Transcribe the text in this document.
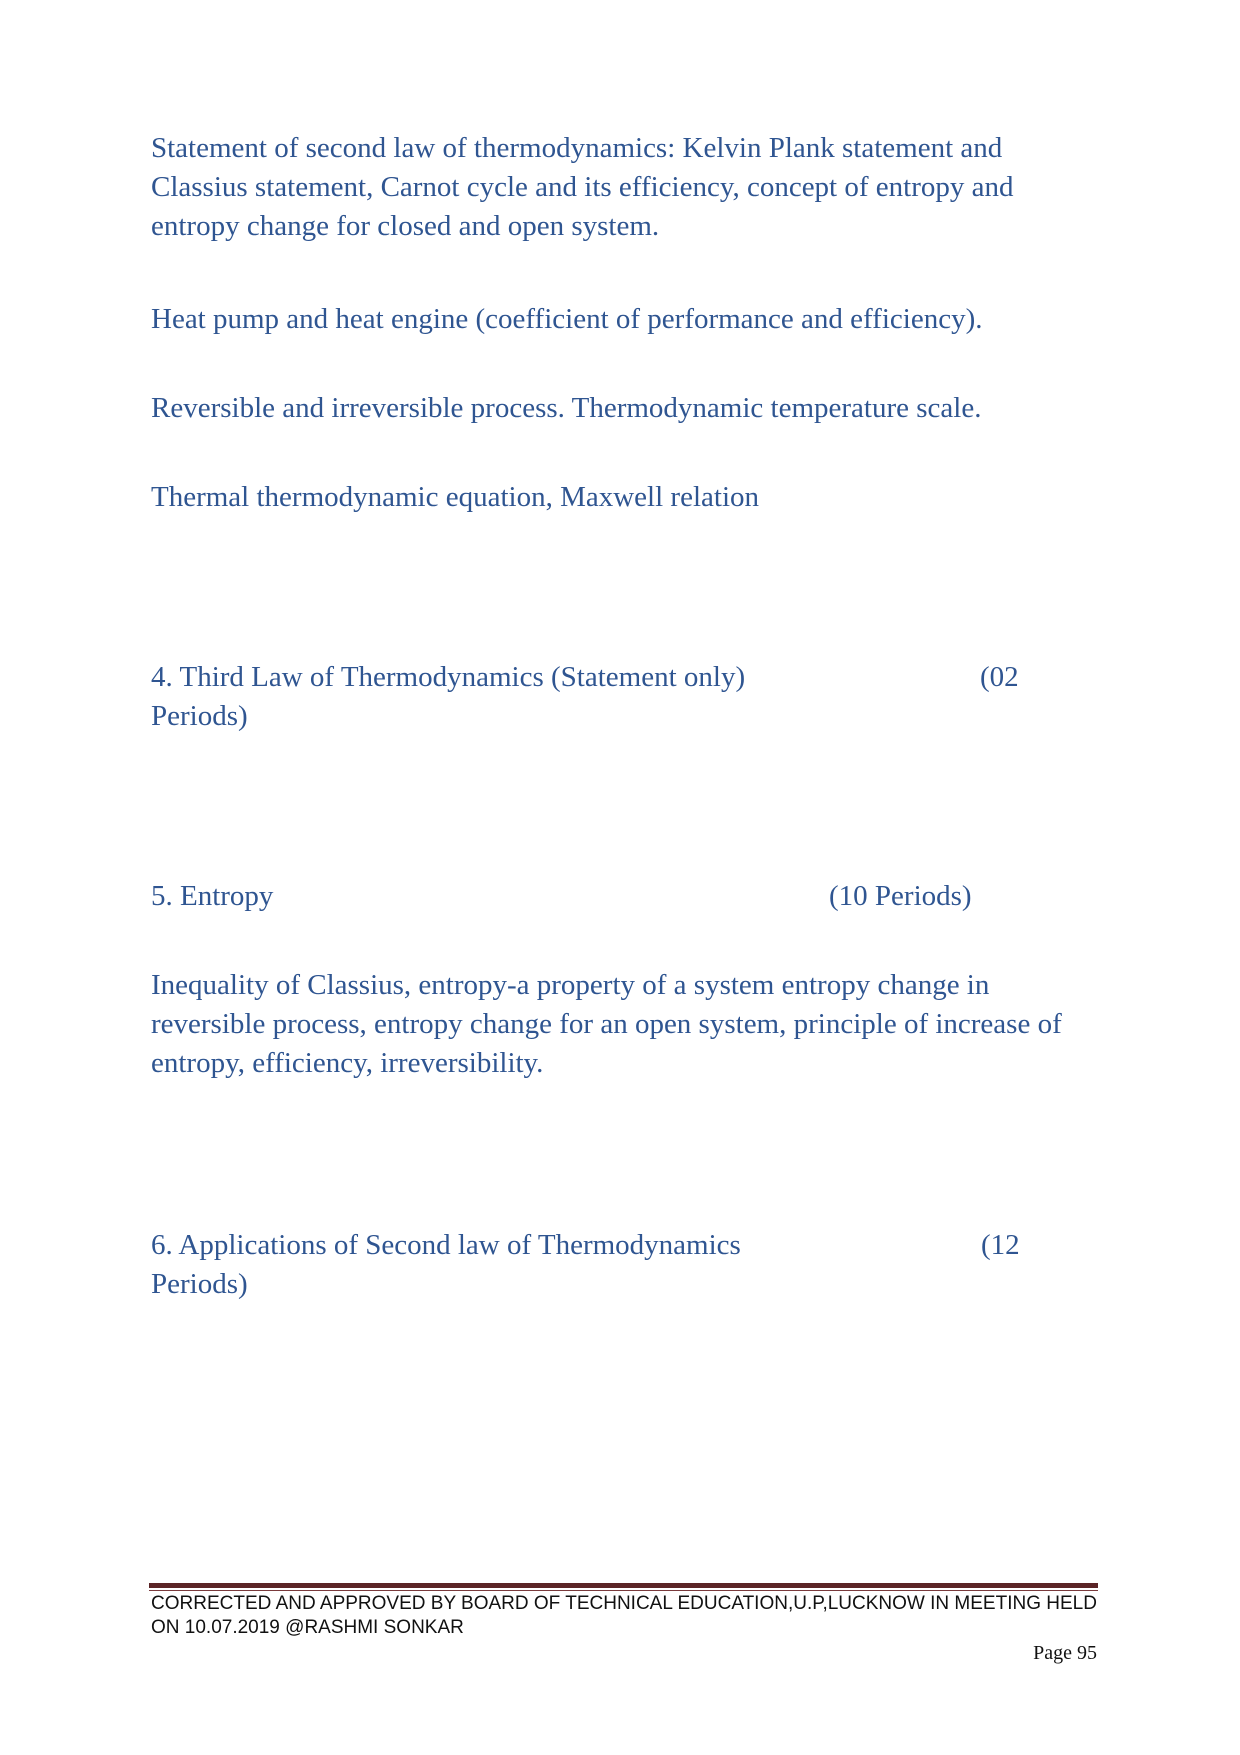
Statement of second law of thermodynamics: Kelvin Plank statement and Classius statement, Carnot cycle and its efficiency, concept of entropy and entropy change for closed and open system.

Heat pump and heat engine (coefficient of performance and efficiency).

Reversible and irreversible process. Thermodynamic temperature scale.

Thermal thermodynamic equation, Maxwell relation

4. Third Law of Thermodynamics (Statement only)	(02
Periods)
5. Entropy	(10 Periods)

Inequality of Classius, entropy-a property of a system entropy change in reversible process, entropy change for an open system, principle of increase of entropy, efficiency, irreversibility.

6. Applications of Second law of Thermodynamics	(12
Periods)

CORRECTED AND APPROVED BY BOARD OF TECHNICAL EDUCATION,U.P,LUCKNOW IN MEETING HELD
ON 10.07.2019 @RASHMI SONKAR

Page 95
